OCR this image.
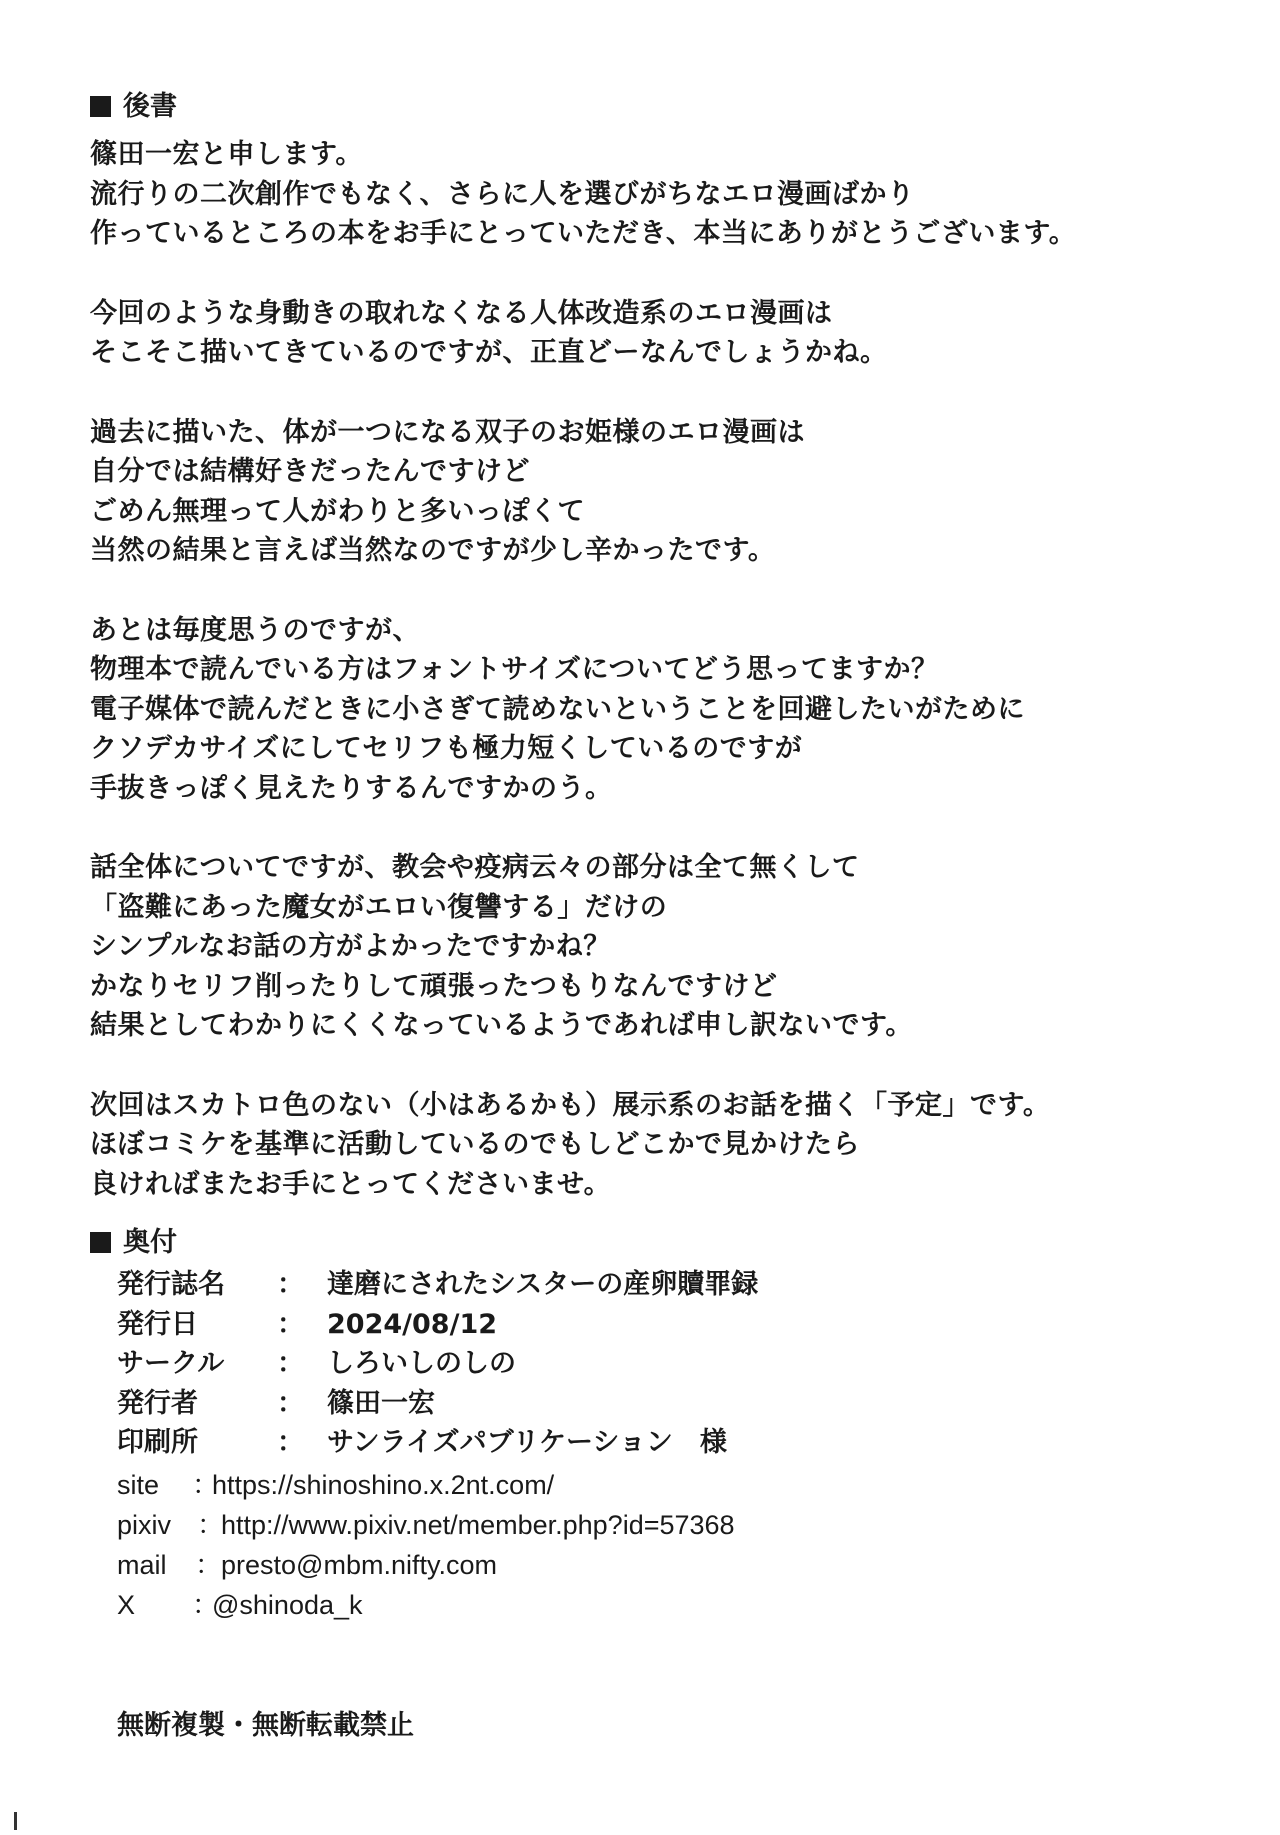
後書
篠田一宏と申します。
流行りの二次創作でもなく、さらに人を選びがちなエロ漫画ばかり
作っているところの本をお手にとっていただき、本当にありがとうございます。
今回のような身動きの取れなくなる人体改造系のエロ漫画は
そこそこ描いてきているのですが、正直どーなんでしょうかね。
過去に描いた、体が一つになる双子のお姫様のエロ漫画は
自分では結構好きだったんですけど
ごめん無理って人がわりと多いっぽくて
当然の結果と言えば当然なのですが少し辛かったです。
あとは毎度思うのですが、
物理本で読んでいる方はフォントサイズについてどう思ってますか？
電子媒体で読んだときに小さぎて読めないということを回避したいがために
クソデカサイズにしてセリフも極力短くしているのですが
手抜きっぽく見えたりするんですかのう。
話全体についてですが、教会や疫病云々の部分は全て無くして
「盗難にあった魔女がエロい復讐する」だけの
シンプルなお話の方がよかったですかね？
かなりセリフ削ったりして頑張ったつもりなんですけど
結果としてわかりにくくなっているようであれば申し訳ないです。
次回はスカトロ色のない（小はあるかも）展示系のお話を描く「予定」です。
ほぼコミケを基準に活動しているのでもしどこかで見かけたら
良ければまたお手にとってくださいませ。
奥付
発行誌名 ： 達磨にされたシスターの産卵贖罪録
発行日	： 2024/08/12
サークル ： しろいしのしの
発行者	： 篠田一宏
印刷所	： サンライズパブリケーション　様
site ：
https://shinoshino.x.2nt.com/
pixiv ：
http://www.pixiv.net/member.php?id=57368
mail ： presto@mbm.nifty.com
X ：
@shinoda_k
無断複製・無断転載禁止
